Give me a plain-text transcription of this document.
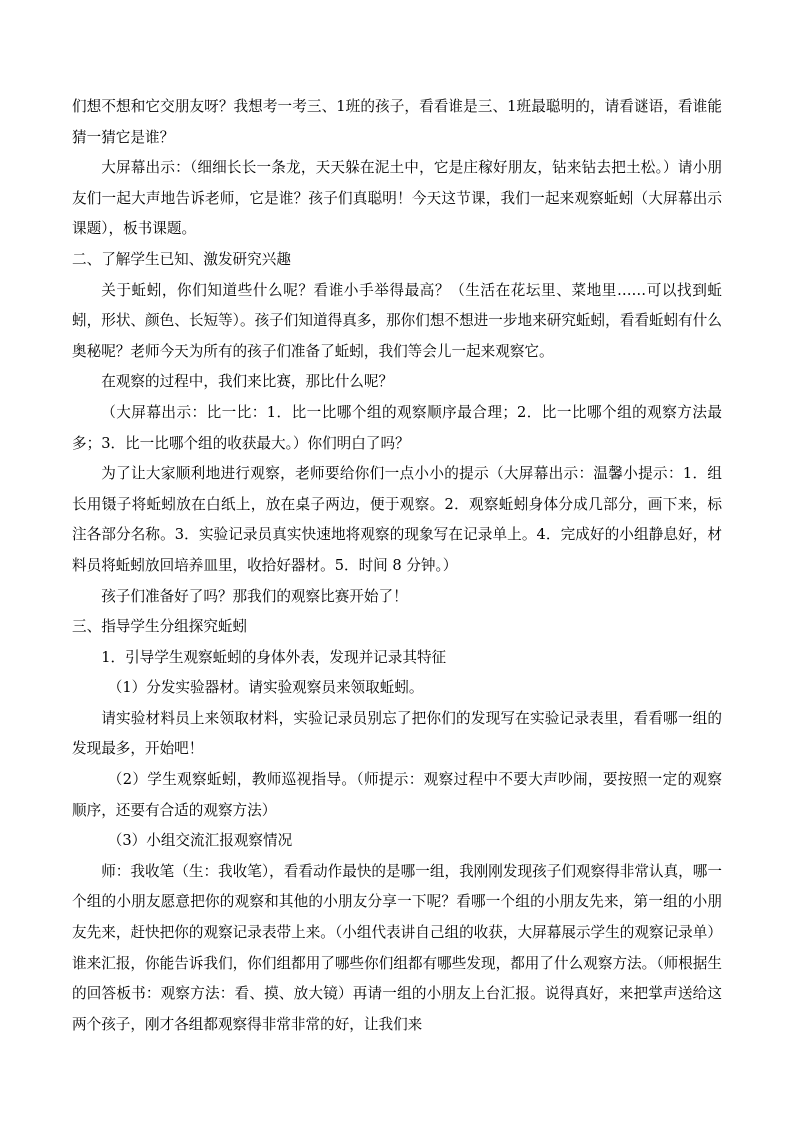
们想不想和它交朋友呀？我想考一考三、1班的孩子，看看谁是三、1班最聪明的，请看谜语，看谁能猜一猜它是谁？

大屏幕出示：（细细长长一条龙，天天躲在泥土中，它是庄稼好朋友，钻来钻去把土松。）请小朋友们一起大声地告诉老师，它是谁？孩子们真聪明！今天这节课，我们一起来观察蚯蚓（大屏幕出示课题），板书课题。

二、了解学生已知、激发研究兴趣

关于蚯蚓，你们知道些什么呢？看谁小手举得最高？（生活在花坛里、菜地里……可以找到蚯蚓，形状、颜色、长短等）。孩子们知道得真多，那你们想不想进一步地来研究蚯蚓，看看蚯蚓有什么奥秘呢？老师今天为所有的孩子们准备了蚯蚓，我们等会儿一起来观察它。

在观察的过程中，我们来比赛，那比什么呢？

（大屏幕出示：比一比：1．比一比哪个组的观察顺序最合理；2．比一比哪个组的观察方法最多；3．比一比哪个组的收获最大。）你们明白了吗？

为了让大家顺利地进行观察，老师要给你们一点小小的提示（大屏幕出示：温馨小提示：1．组长用镊子将蚯蚓放在白纸上，放在桌子两边，便于观察。2．观察蚯蚓身体分成几部分，画下来，标注各部分名称。3．实验记录员真实快速地将观察的现象写在记录单上。4．完成好的小组静息好，材料员将蚯蚓放回培养皿里，收拾好器材。5．时间 8 分钟。）

孩子们准备好了吗？那我们的观察比赛开始了！

三、指导学生分组探究蚯蚓

1．引导学生观察蚯蚓的身体外表，发现并记录其特征

（1）分发实验器材。请实验观察员来领取蚯蚓。

请实验材料员上来领取材料，实验记录员别忘了把你们的发现写在实验记录表里，看看哪一组的发现最多，开始吧！

（2）学生观察蚯蚓，教师巡视指导。（师提示：观察过程中不要大声吵闹，要按照一定的观察顺序，还要有合适的观察方法）

（3）小组交流汇报观察情况

师：我收笔（生：我收笔），看看动作最快的是哪一组，我刚刚发现孩子们观察得非常认真，哪一个组的小朋友愿意把你的观察和其他的小朋友分享一下呢？看哪一个组的小朋友先来，第一组的小朋友先来，赶快把你的观察记录表带上来。（小组代表讲自己组的收获，大屏幕展示学生的观察记录单）谁来汇报，你能告诉我们，你们组都用了哪些你们组都有哪些发现，都用了什么观察方法。（师根据生的回答板书：观察方法：看、摸、放大镜）再请一组的小朋友上台汇报。说得真好，来把掌声送给这两个孩子，刚才各组都观察得非常非常的好，让我们来
